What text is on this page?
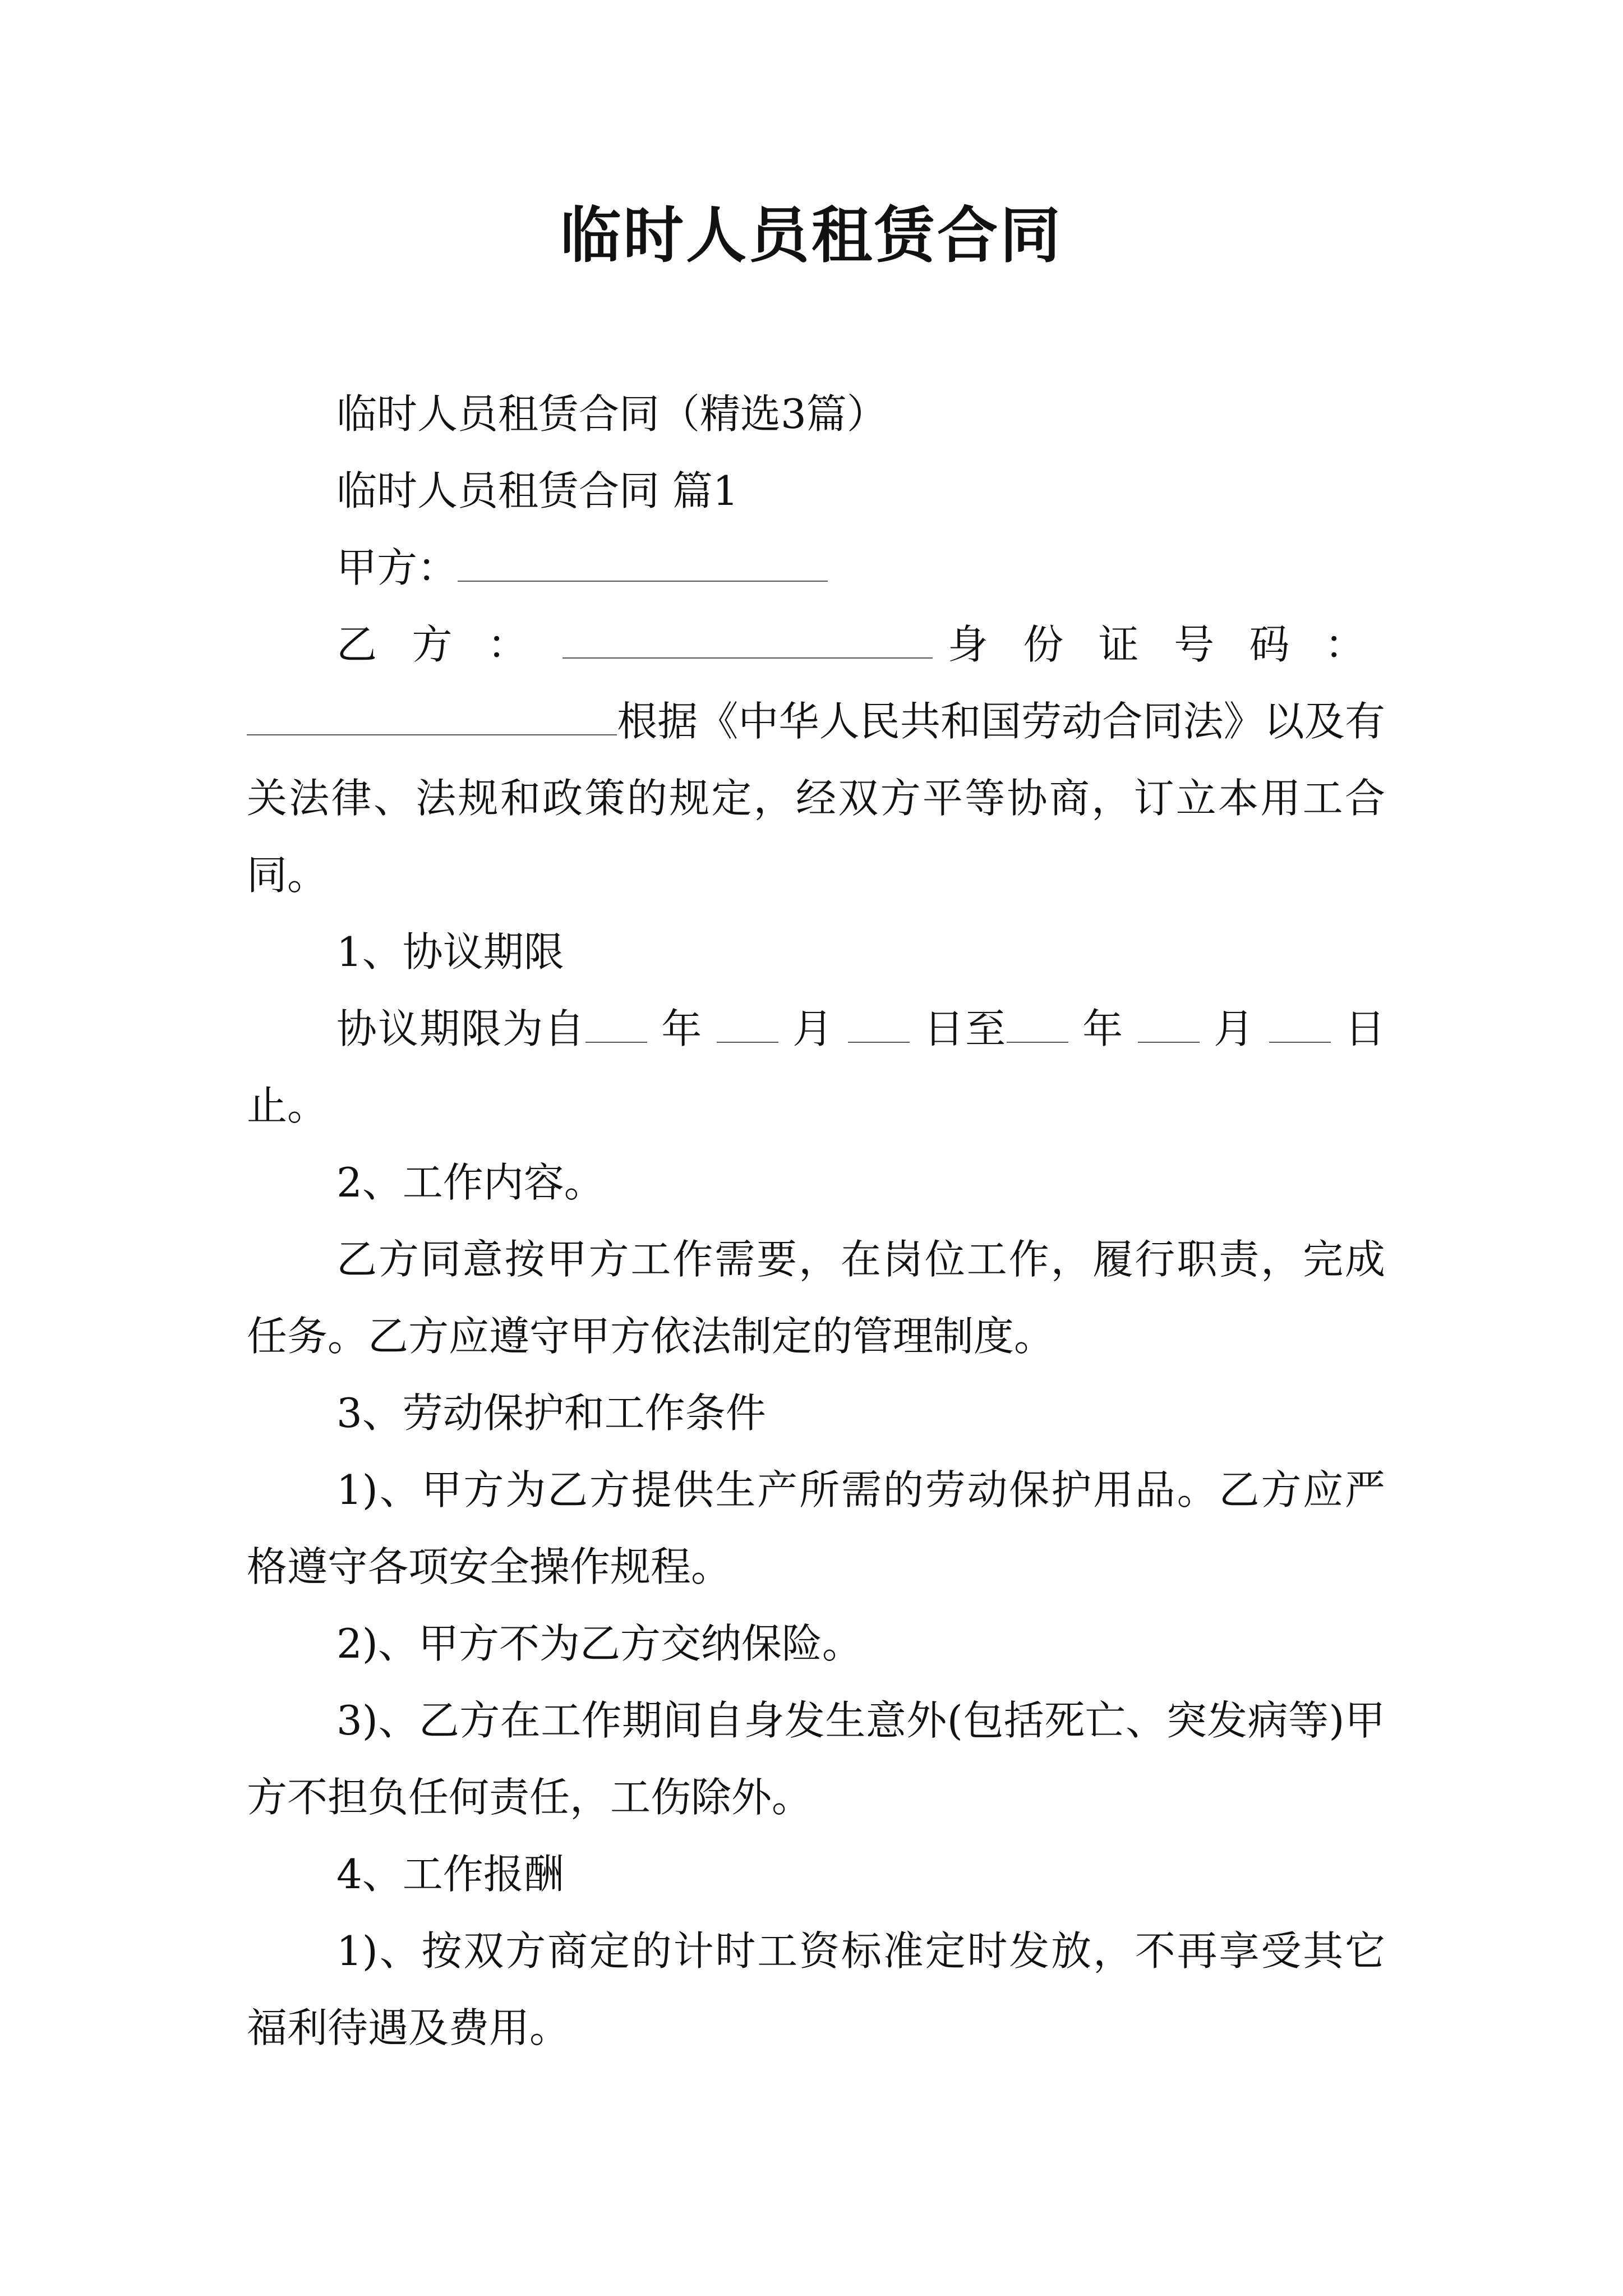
临时人员租赁合同

临时人员租赁合同（精选3篇）

临时人员租赁合同 篇1

甲方：

乙方：	身份证号码：根据《中华人民共和国劳动合同法》以及有关法律、法规和政策的规定，经双方平等协商，订立本用工合同。

1、协议期限

协议期限为自 年 月 日至 年 月 日止。

2、工作内容。

乙方同意按甲方工作需要，在岗位工作，履行职责，完成任务。乙方应遵守甲方依法制定的管理制度。

3、劳动保护和工作条件

1)、甲方为乙方提供生产所需的劳动保护用品。乙方应严格遵守各项安全操作规程。

2)、甲方不为乙方交纳保险。

3)、乙方在工作期间自身发生意外(包括死亡、突发病等)甲方不担负任何责任，工伤除外。

4、工作报酬

1)、按双方商定的计时工资标准定时发放，不再享受其它福利待遇及费用。
